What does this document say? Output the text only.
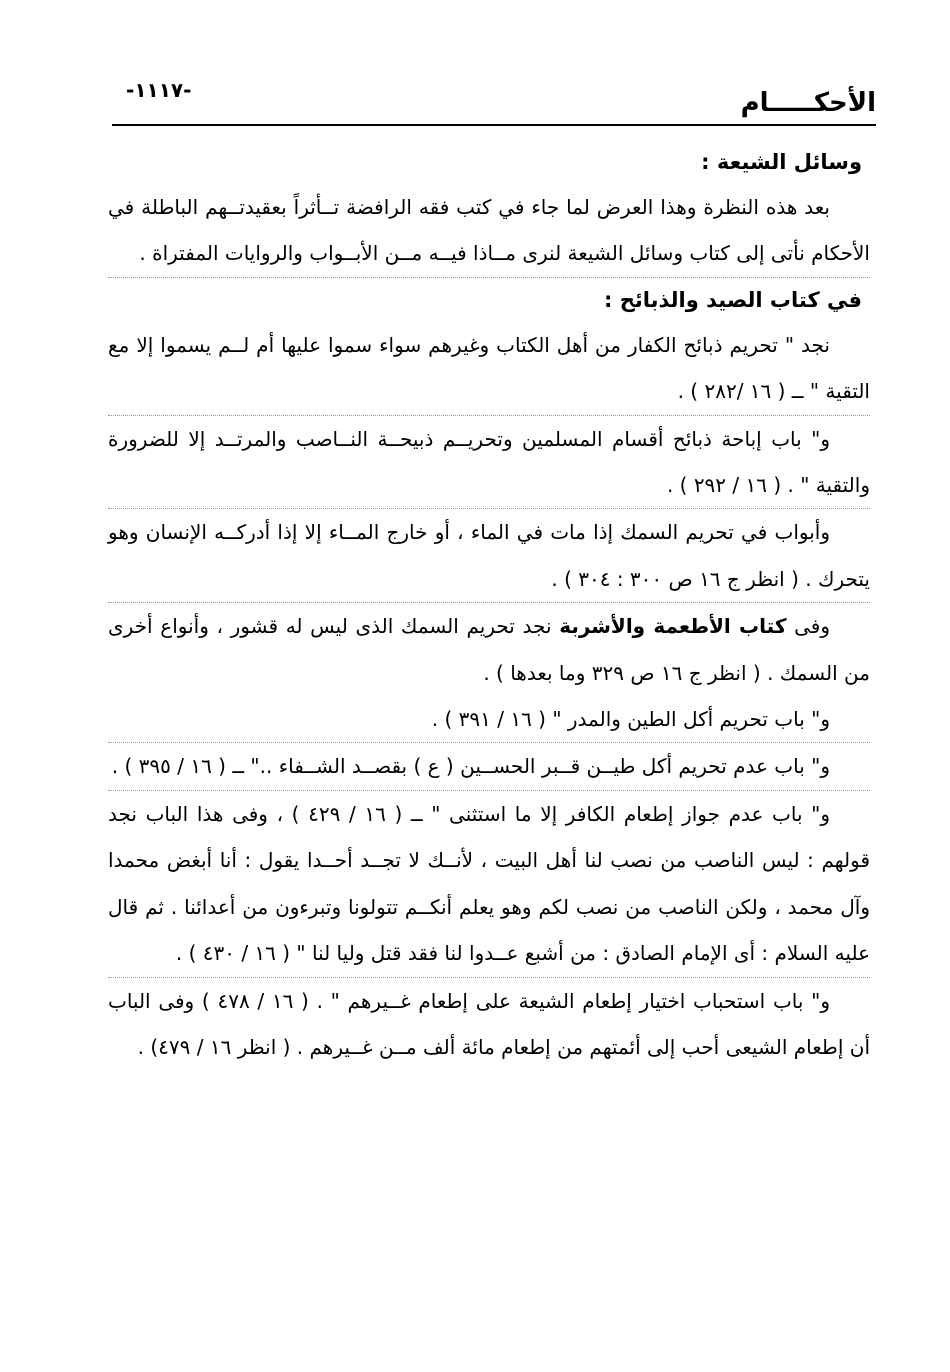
الأحكـــــام
-١١١٧-

وسائل الشيعة :

بعد هذه النظرة وهذا العرض لما جاء في كتب فقه الرافضة تــأثراً بعقيدتــهم الباطلة في الأحكام نأتى إلى كتاب وسائل الشيعة لنرى مــاذا فيــه مــن الأبــواب والروايات المفتراة .

في كتاب الصيد والذبائح :

نجد " تحريم ذبائح الكفار من أهل الكتاب وغيرهم سواء سموا عليها أم لــم يسموا إلا مع التقية " ــ ( ١٦ /٢٨٢ ) .

و" باب إباحة ذبائح أقسام المسلمين وتحريــم ذبيحــة النــاصب والمرتــد إلا للضرورة والتقية " . ( ١٦ / ٢٩٢ ) .

وأبواب في تحريم السمك إذا مات في الماء ، أو خارج المــاء إلا إذا أدركــه الإنسان وهو يتحرك . ( انظر ج ١٦ ص ٣٠٠ : ٣٠٤ ) .

وفى كتاب الأطعمة والأشربة نجد تحريم السمك الذى ليس له قشور ، وأنواع أخرى من السمك . ( انظر ج ١٦ ص ٣٢٩ وما بعدها ) .

و" باب تحريم أكل الطين والمدر " ( ١٦ / ٣٩١ ) .

و" باب عدم تحريم أكل طيــن قــبر الحســين ( ع ) بقصــد الشــفاء .." ــ ( ١٦ / ٣٩٥ ) .

و" باب عدم جواز إطعام الكافر إلا ما استثنى " ــ ( ١٦ / ٤٢٩ ) ، وفى هذا الباب نجد قولهم : ليس الناصب من نصب لنا أهل البيت ، لأنــك لا تجــد أحــدا يقول : أنا أبغض محمدا وآل محمد ، ولكن الناصب من نصب لكم وهو يعلم أنكــم تتولونا وتبرءون من أعدائنا . ثم قال عليه السلام : أى الإمام الصادق : من أشبع عــدوا لنا فقد قتل وليا لنا " ( ١٦ / ٤٣٠ ) .

و" باب استحباب اختيار إطعام الشيعة على إطعام غــيرهم " . ( ١٦ / ٤٧٨ ) وفى الباب أن إطعام الشيعى أحب إلى أئمتهم من إطعام مائة ألف مــن غــيرهم . ( انظر ١٦ / ٤٧٩) .
